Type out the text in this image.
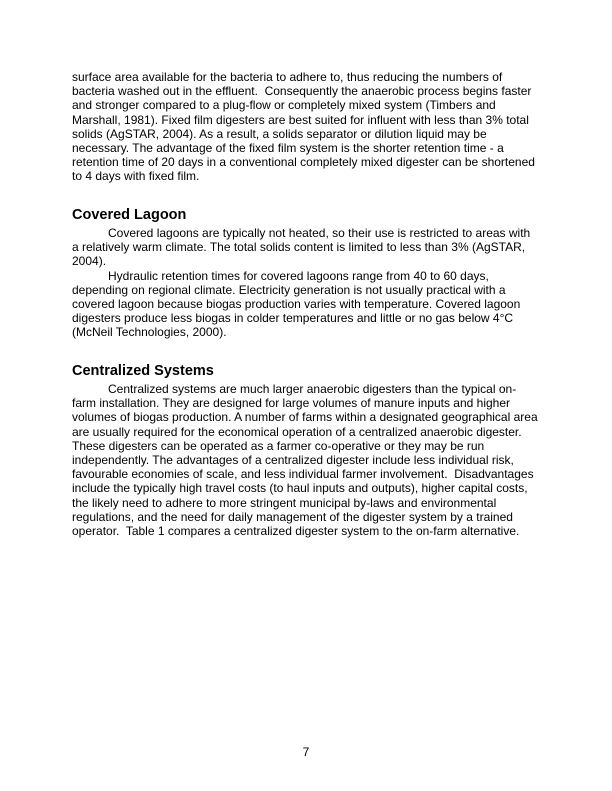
surface area available for the bacteria to adhere to, thus reducing the numbers of
bacteria washed out in the effluent.  Consequently the anaerobic process begins faster
and stronger compared to a plug-flow or completely mixed system (Timbers and
Marshall, 1981). Fixed film digesters are best suited for influent with less than 3% total
solids (AgSTAR, 2004). As a result, a solids separator or dilution liquid may be
necessary. The advantage of the fixed film system is the shorter retention time - a
retention time of 20 days in a conventional completely mixed digester can be shortened
to 4 days with fixed film.
Covered Lagoon
Covered lagoons are typically not heated, so their use is restricted to areas with
a relatively warm climate. The total solids content is limited to less than 3% (AgSTAR,
2004).
Hydraulic retention times for covered lagoons range from 40 to 60 days,
depending on regional climate. Electricity generation is not usually practical with a
covered lagoon because biogas production varies with temperature. Covered lagoon
digesters produce less biogas in colder temperatures and little or no gas below 4°C
(McNeil Technologies, 2000).
Centralized Systems
Centralized systems are much larger anaerobic digesters than the typical on-
farm installation. They are designed for large volumes of manure inputs and higher
volumes of biogas production. A number of farms within a designated geographical area
are usually required for the economical operation of a centralized anaerobic digester.
These digesters can be operated as a farmer co-operative or they may be run
independently. The advantages of a centralized digester include less individual risk,
favourable economies of scale, and less individual farmer involvement.  Disadvantages
include the typically high travel costs (to haul inputs and outputs), higher capital costs,
the likely need to adhere to more stringent municipal by-laws and environmental
regulations, and the need for daily management of the digester system by a trained
operator.  Table 1 compares a centralized digester system to the on-farm alternative.
7
